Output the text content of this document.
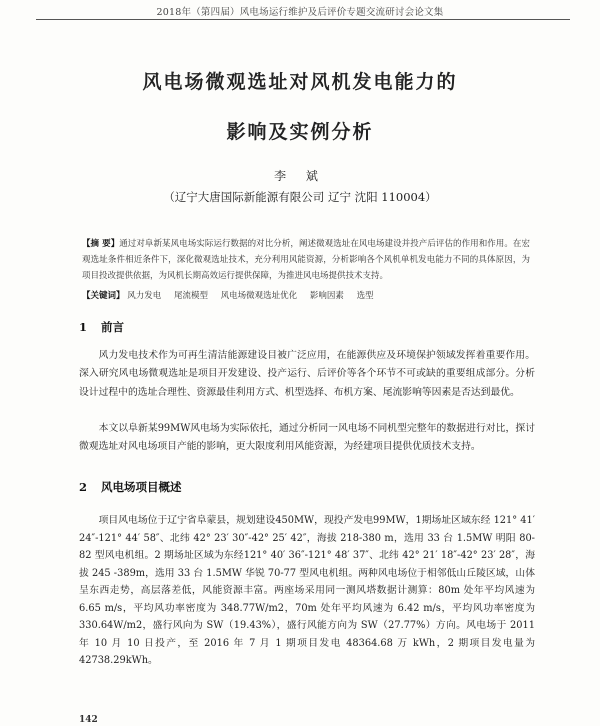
2018年（第四届）风电场运行维护及后评价专题交流研讨会论文集
风电场微观选址对风机发电能力的
影响及实例分析
李 斌
（辽宁大唐国际新能源有限公司 辽宁 沈阳 110004）
【摘 要】通过对阜新某风电场实际运行数据的对比分析，阐述微观选址在风电场建设并投产后评估的作用和作用。在宏观选址条件相近条件下，深化微观选址技术，充分利用风能资源，分析影响各个风机单机发电能力不同的具体原因，为项目投改提供依据，为风机长期高效运行提供保障，为推进风电场提供技术支持。
【关键词】 风力发电 尾流模型 风电场微观选址优化 影响因素 选型
1 前言
风力发电技术作为可再生清洁能源建设目被广泛应用，在能源供应及环境保护领域发挥着重要作用。深入研究风电场微观选址是项目开发建设、投产运行、后评价等各个环节不可或缺的重要组成部分。分析设计过程中的选址合理性、资源最佳利用方式、机型选择、布机方案、尾流影响等因素是否达到最优。
本文以阜新某99MW风电场为实际依托，通过分析同一风电场不同机型完整年的数据进行对比，探讨微观选址对风电场项目产能的影响，更大限度利用风能资源，为经建项目提供优质技术支持。
2 风电场项目概述
项目风电场位于辽宁省阜蒙县，规划建设450MW，现投产发电99MW，1期场址区域东经 121° 41′ 24″-121° 44′ 58″、北纬 42° 23′ 30″-42° 25′ 42″，海拔 218-380 m，选用 33 台 1.5MW 明阳 80-82 型风电机组。2 期场址区域为东经121° 40′ 36″-121° 48′ 37″、北纬 42° 21′ 18″-42° 23′ 28″，海拔 245 -389m，选用 33 台 1.5MW 华锐 70-77 型风电机组。两种风电场位于相邻低山丘陵区域，山体呈东西走势，高层落差低，风能资源丰富。两座场采用同一测风塔数据计测算：80m 处年平均风速为 6.65 m/s，平均风功率密度为 348.77W/m2，70m 处年平均风速为 6.42 m/s，平均风功率密度为 330.64W/m2，盛行风向为 SW（19.43%），盛行风能方向为 SW（27.77%）方向。风电场于 2011 年 10 月 10 日投产，至 2016 年 7 月 1 期项目发电 48364.68 万 kWh，2 期项目发电量为 42738.29kWh。
142
